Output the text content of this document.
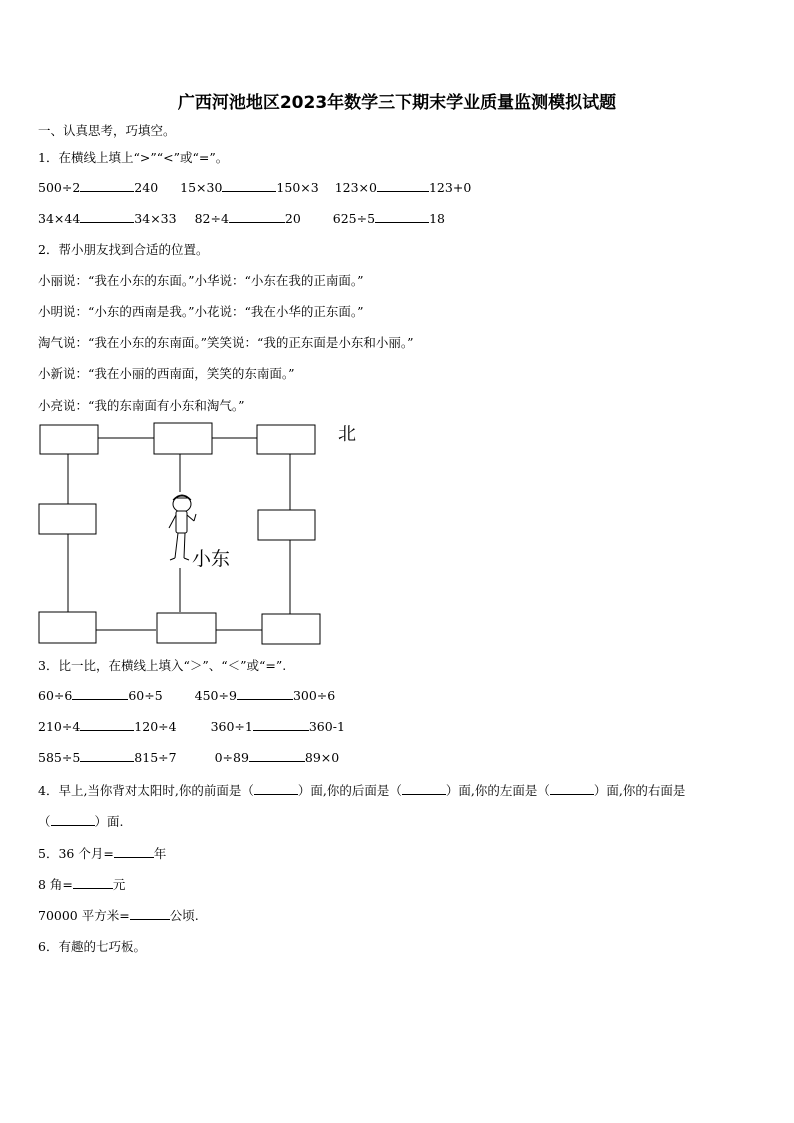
广西河池地区2023年数学三下期末学业质量监测模拟试题
一、认真思考，巧填空。
1．在横线上填上“>”“<”或“=”。
500÷2	240 15×30	150×3 123×0	123+0
34×44	34×33 82÷4	20	625÷5	18
2．帮小朋友找到合适的位置。
小丽说：“我在小东的东面。”小华说：“小东在我的正南面。”
小明说：“小东的西南是我。”小花说：“我在小华的正东面。”
淘气说：“我在小东的东南面。”笑笑说：“我的正东面是小东和小丽。”
小新说：“我在小丽的西南面，笑笑的东南面。”
小亮说：“我的东南面有小东和淘气。”
北
小东
3．比一比，在横线上填入“＞”、“＜”或“=”.
60÷6	60÷5	450÷9	300÷6
210÷4	120÷4	360÷1	360-1
585÷5	815÷7	0÷89	89×0
4．早上,当你背对太阳时,你的前面是（	）面,你的后面是（	）面,你的左面是（	）面,你的右面是
（	）面.
5．36 个月=	年
8 角=	元
70000 平方米=	公顷.
6．有趣的七巧板。
